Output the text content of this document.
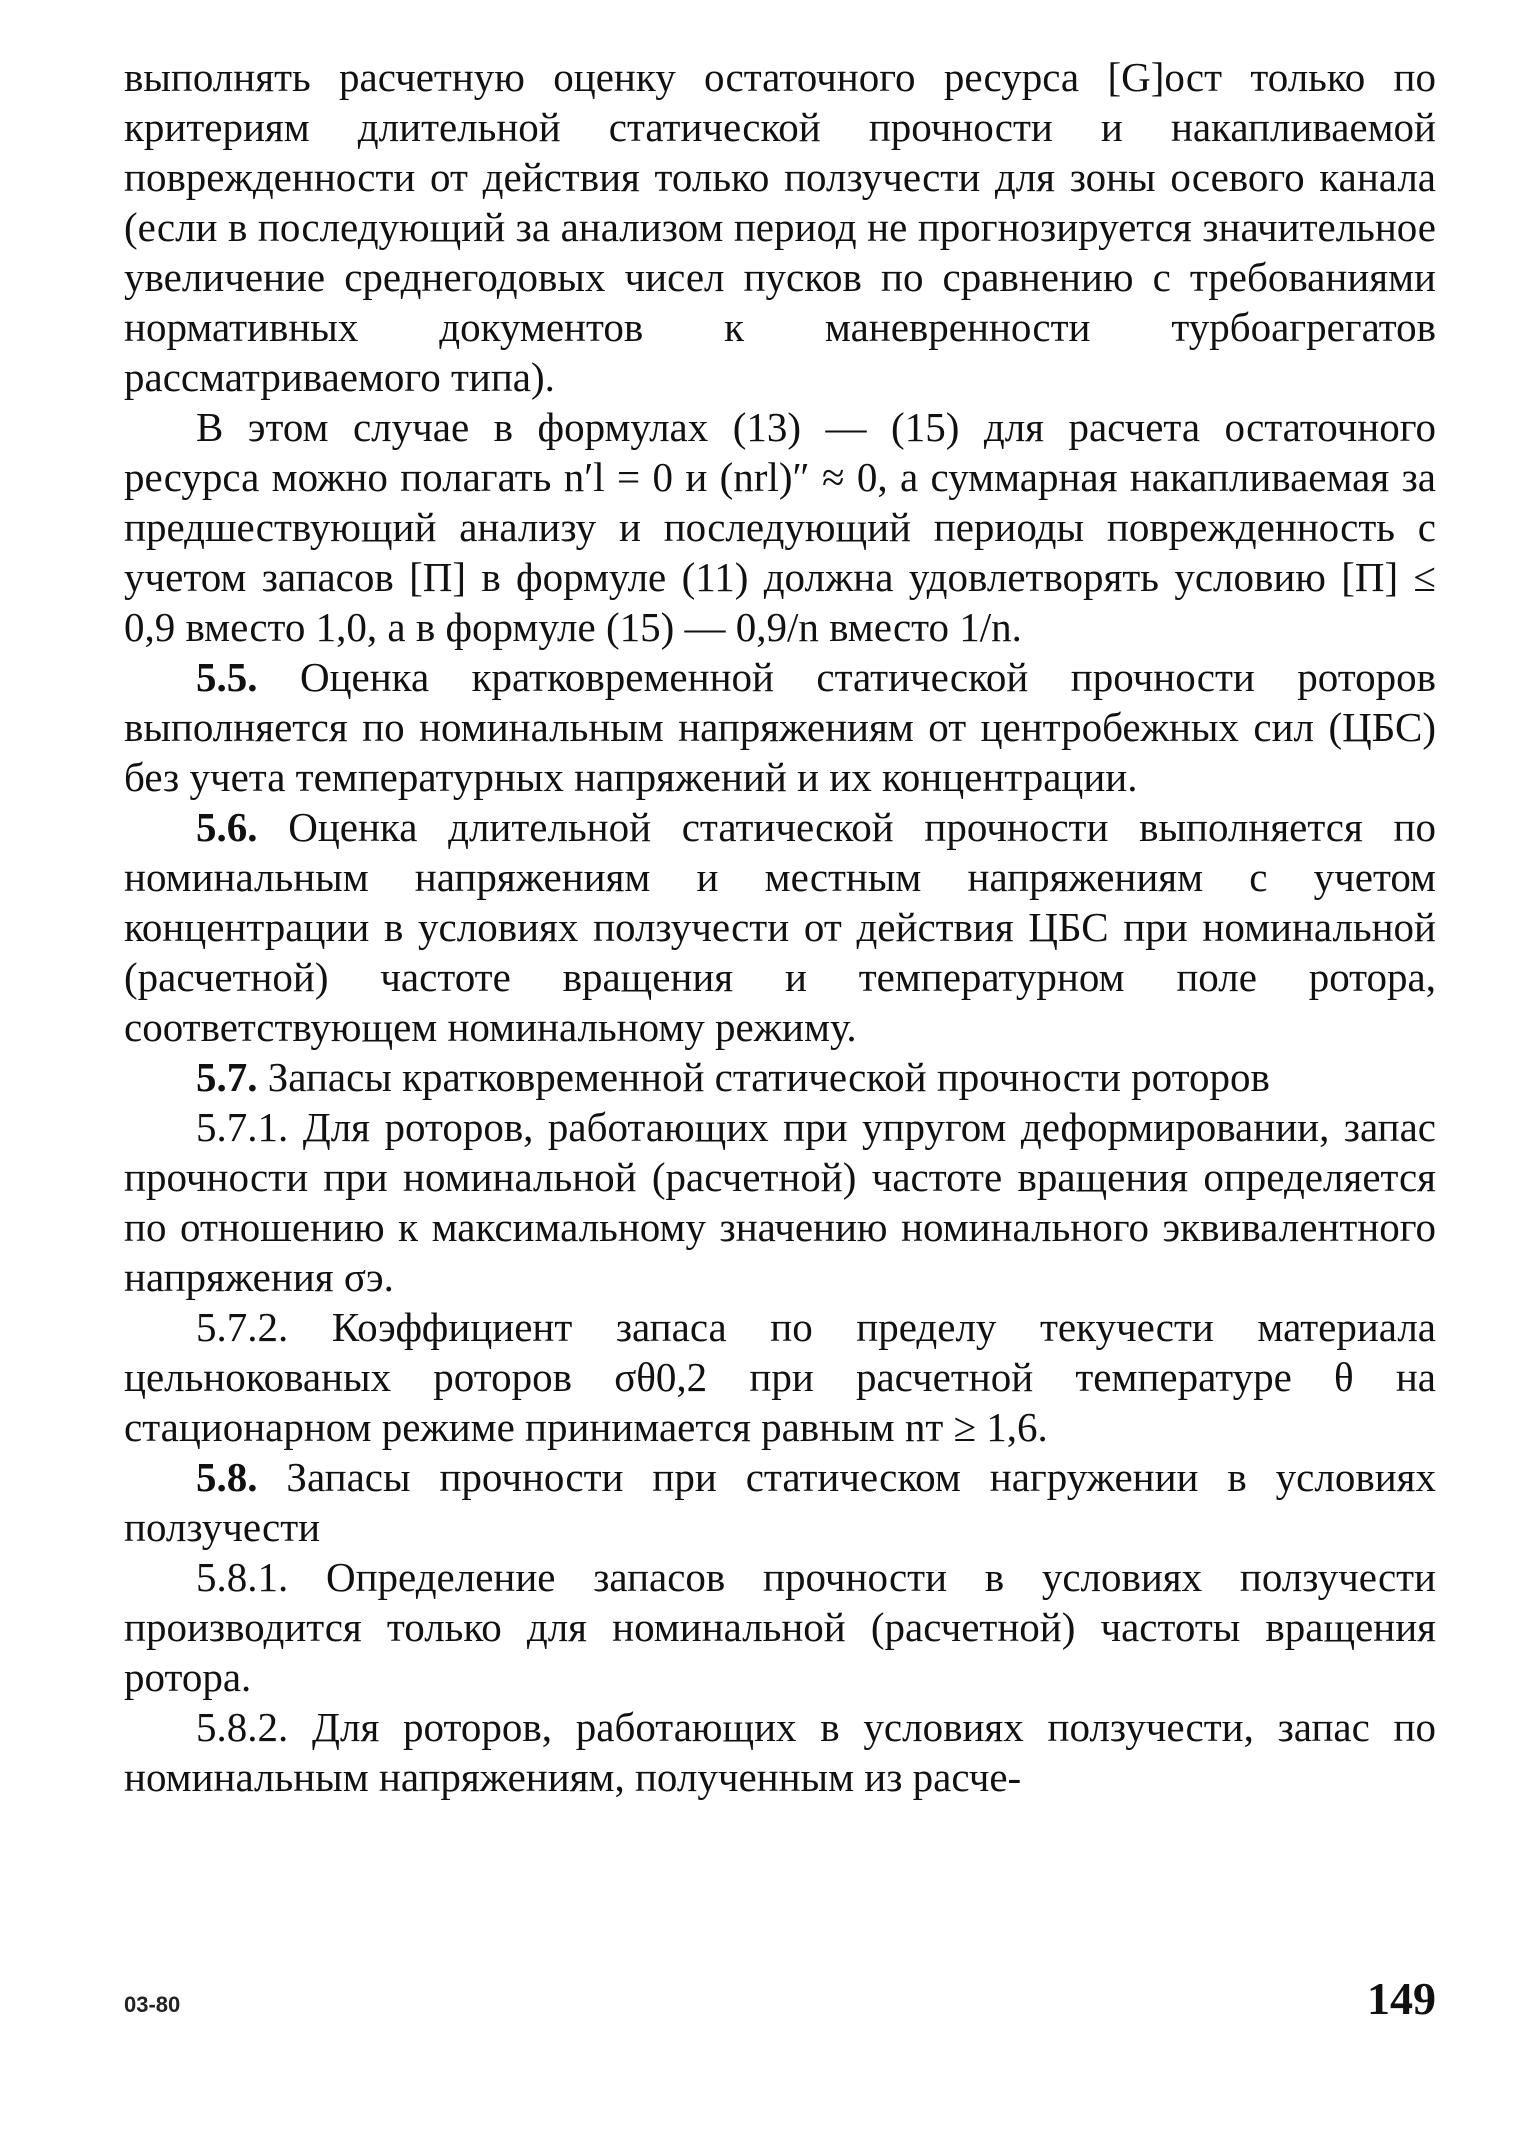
выполнять расчетную оценку остаточного ресурса [G]ост только по критериям длительной статической прочности и накапливаемой поврежденности от действия только ползучести для зоны осевого канала (если в последующий за анализом период не прогнозируется значительное увеличение среднегодовых чисел пусков по сравнению с требованиями нормативных документов к маневренности турбоагрегатов рассматриваемого типа).

В этом случае в формулах (13) — (15) для расчета остаточного ресурса можно полагать n′l = 0 и (nrl)″ ≈ 0, а суммарная накапливаемая за предшествующий анализу и последующий периоды поврежденность с учетом запасов [П] в формуле (11) должна удовлетворять условию [П] ≤ 0,9 вместо 1,0, а в формуле (15) — 0,9/n вместо 1/n.

5.5. Оценка кратковременной статической прочности роторов выполняется по номинальным напряжениям от центробежных сил (ЦБС) без учета температурных напряжений и их концентрации.

5.6. Оценка длительной статической прочности выполняется по номинальным напряжениям и местным напряжениям с учетом концентрации в условиях ползучести от действия ЦБС при номинальной (расчетной) частоте вращения и температурном поле ротора, соответствующем номинальному режиму.

5.7. Запасы кратковременной статической прочности роторов

5.7.1. Для роторов, работающих при упругом деформировании, запас прочности при номинальной (расчетной) частоте вращения определяется по отношению к максимальному значению номинального эквивалентного напряжения σэ.

5.7.2. Коэффициент запаса по пределу текучести материала цельнокованых роторов σθ0,2 при расчетной температуре θ на стационарном режиме принимается равным nт ≥ 1,6.

5.8. Запасы прочности при статическом нагружении в условиях ползучести

5.8.1. Определение запасов прочности в условиях ползучести производится только для номинальной (расчетной) частоты вращения ротора.

5.8.2. Для роторов, работающих в условиях ползучести, запас по номинальным напряжениям, полученным из расче-

03-80	149
